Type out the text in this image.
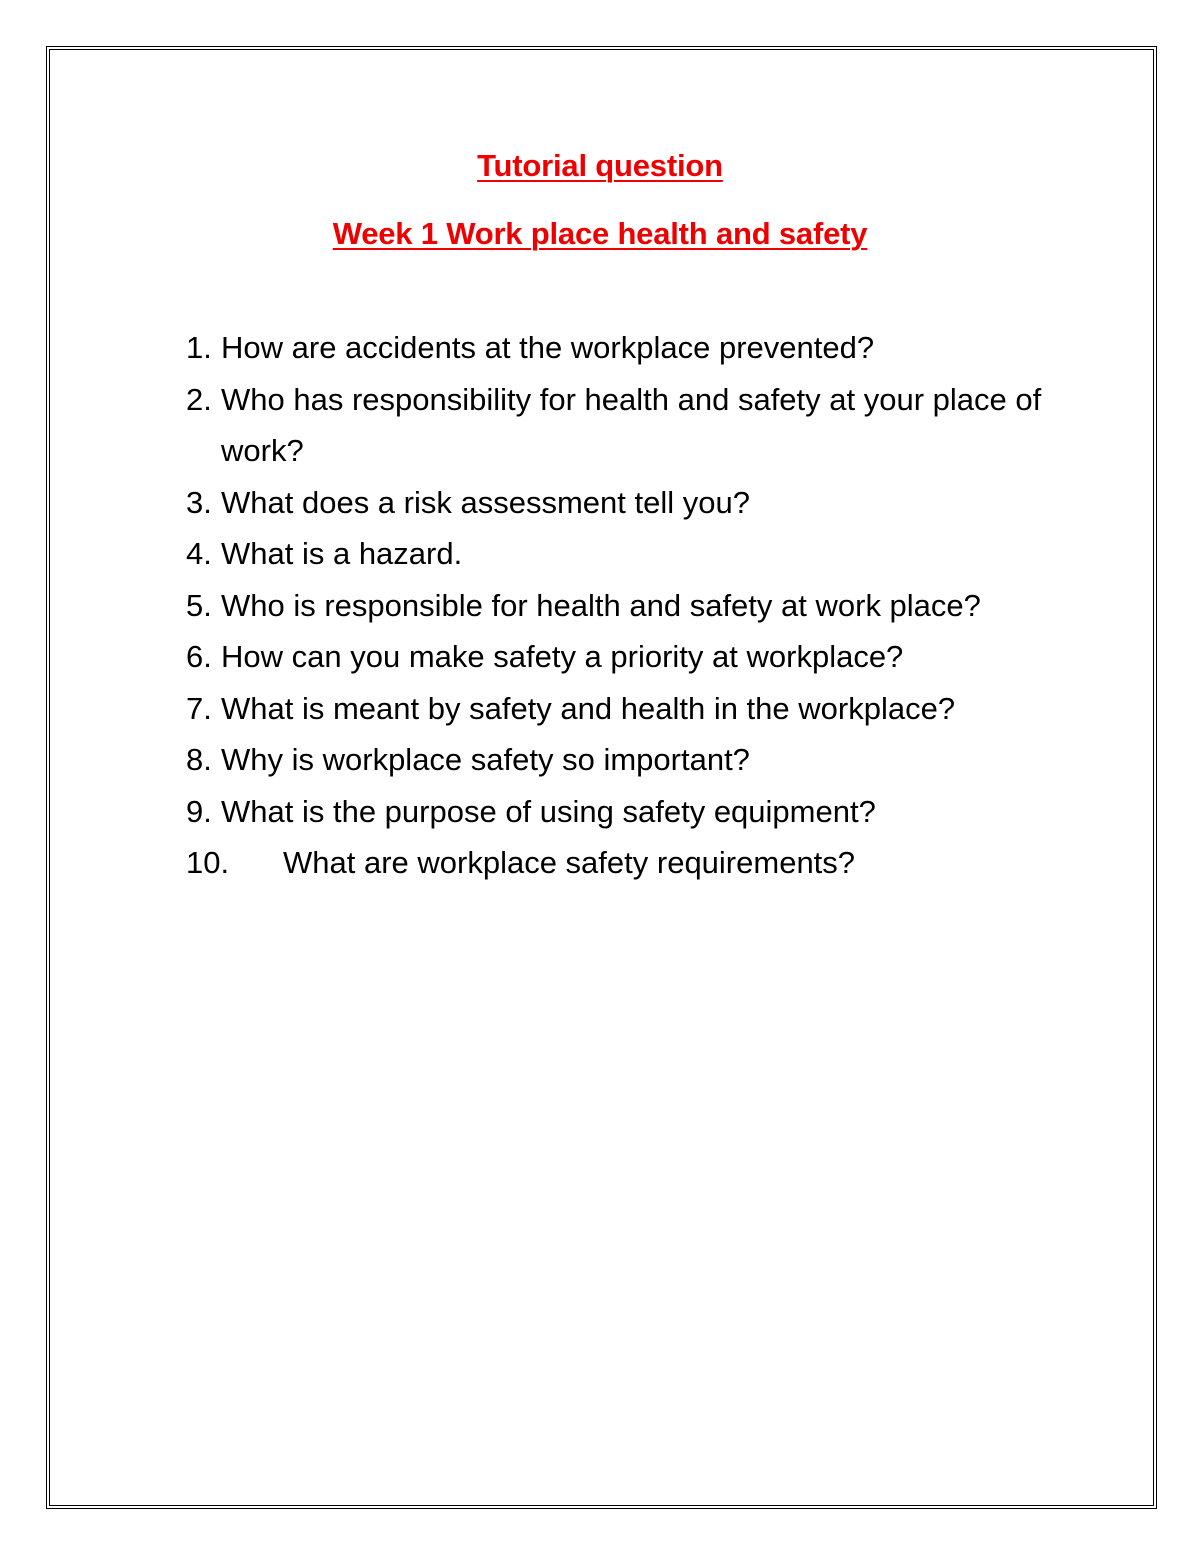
Tutorial question
Week 1 Work place health and safety
1. How are accidents at the workplace prevented?
2. Who has responsibility for health and safety at your place of work?
3. What does a risk assessment tell you?
4. What is a hazard.
5. Who is responsible for health and safety at work place?
6. How can you make safety a priority at workplace?
7. What is meant by safety and health in the workplace?
8. Why is workplace safety so important?
9. What is the purpose of using safety equipment?
10.	What are workplace safety requirements?
